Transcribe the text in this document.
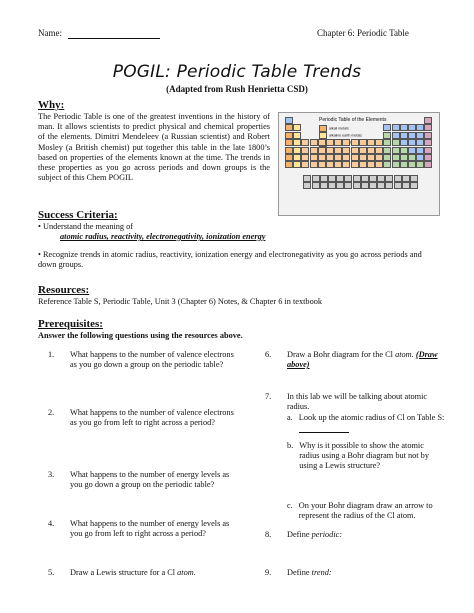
Name:	Chapter 6: Periodic Table
POGIL: Periodic Table Trends
(Adapted from Rush Henrietta CSD)
Why:
The Periodic Table is one of the greatest inventions in the history of man. It allows scientists to predict physical and chemical properties of the elements. Dimitri Mendeleev (a Russian scientist) and Robert Mosley (a British chemist) put together this table in the late 1800’s based on properties of the elements known at the time. The trends in these properties as you go across periods and down groups is the subject of this Chem POGIL
Periodic Table of the Elements
alkali metals
alkaline earth metals
Success Criteria:
• Understand the meaning of
atomic radius, reactivity, electronegativity, ionization energy
• Recognize trends in atomic radius, reactivity, ionization energy and electronegativity as you go across periods and down groups.
Resources:
Reference Table S, Periodic Table, Unit 3 (Chapter 6) Notes, & Chapter 6 in textbook
Prerequisites:
Answer the following questions using the resources above.
1.	What happens to the number of valence electrons as you go down a group on the periodic table?
2.	What happens to the number of valence electrons as you go from left to right across a period?
3.	What happens to the number of energy levels as you go down a group on the periodic table?
4.	What happens to the number of energy levels as you go from left to right across a period?
5.	Draw a Lewis structure for a Cl atom.
6.	Draw a Bohr diagram for the Cl atom. (Draw above)
7.	In this lab we will be talking about atomic radius.
a. Look up the atomic radius of Cl on Table S:
b. Why is it possible to show the atomic radius using a Bohr diagram but not by using a Lewis structure?
c. On your Bohr diagram draw an arrow to represent the radius of the Cl atom.
8.	Define periodic:
9.	Define trend:
